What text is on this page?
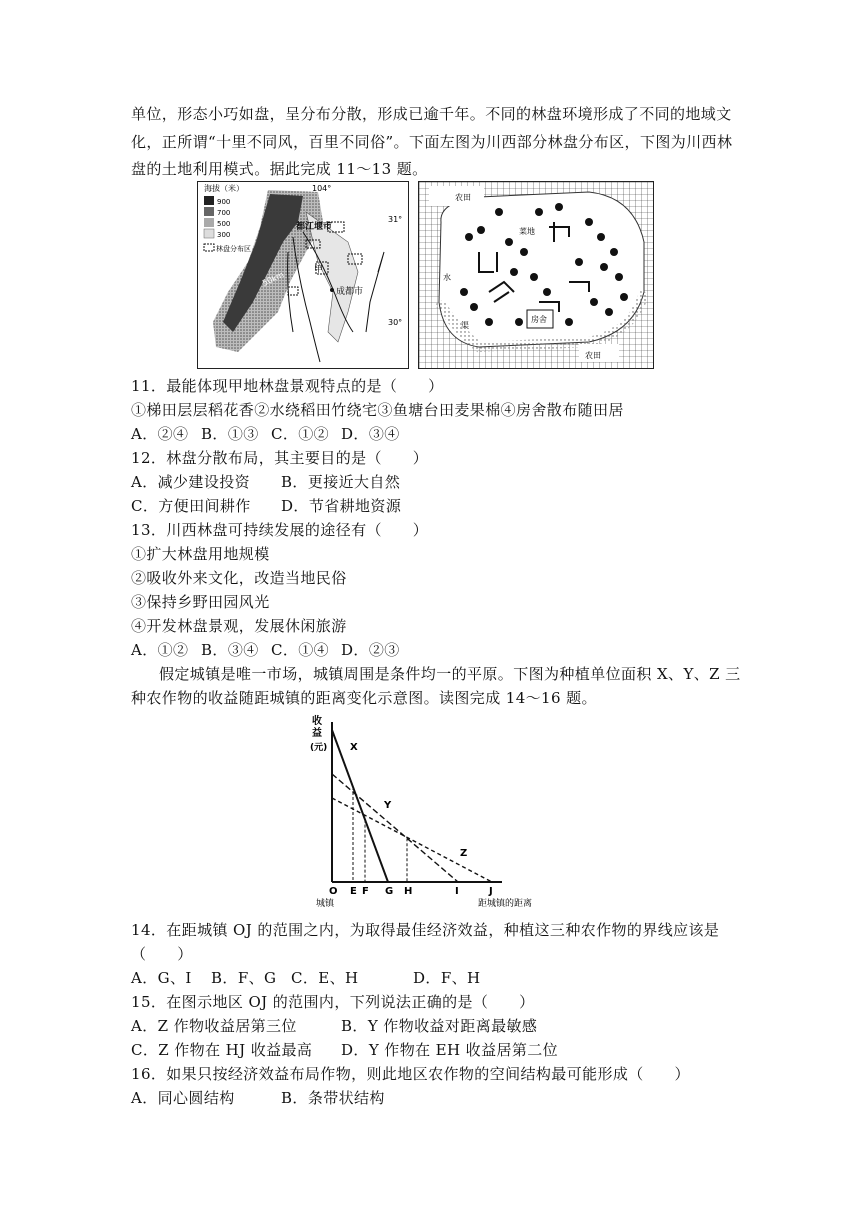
单位，形态小巧如盘，呈分布分散，形成已逾千年。不同的林盘环境形成了不同的地域文
化，正所谓“十里不同风，百里不同俗”。下面左图为川西部分林盘分布区，下图为川西林
盘的土地利用模式。据此完成 11～13 题。
海拔（米）
900
700
500
300
林盘分布区
104°
31°
30°
都江堰市
成都市
甲
50km
农田
菜地
房舍
水
渠
农田
11．最能体现甲地林盘景观特点的是（　　）
①梯田层层稻花香②水绕稻田竹绕宅③鱼塘台田麦果棉④房舍散布随田居
A．②④ B．①③ C．①② D．③④
12．林盘分散布局，其主要目的是（　　）
A．减少建设投资 B．更接近大自然
C．方便田间耕作 D．节省耕地资源
13．川西林盘可持续发展的途径有（　　）
①扩大林盘用地规模
②吸收外来文化，改造当地民俗
③保持乡野田园风光
④开发林盘景观，发展休闲旅游
A．①② B．③④ C．①④ D．②③
假定城镇是唯一市场，城镇周围是条件均一的平原。下图为种植单位面积 X、Y、Z 三
种农作物的收益随距城镇的距离变化示意图。读图完成 14～16 题。
收
益
(元) X
Y
Z
O E F G H	I	J
城镇	距城镇的距离
14．在距城镇 OJ 的范围之内，为取得最佳经济效益，种植这三种农作物的界线应该是
（　　）
A．G、I B．F、G C．E、H	D．F、H
15．在图示地区 OJ 的范围内，下列说法正确的是（　　）
A．Z 作物收益居第三位	B．Y 作物收益对距离最敏感
C．Z 作物在 HJ 收益最高 D．Y 作物在 EH 收益居第二位
16．如果只按经济效益布局作物，则此地区农作物的空间结构最可能形成（　　）
A．同心圆结构	B．条带状结构
